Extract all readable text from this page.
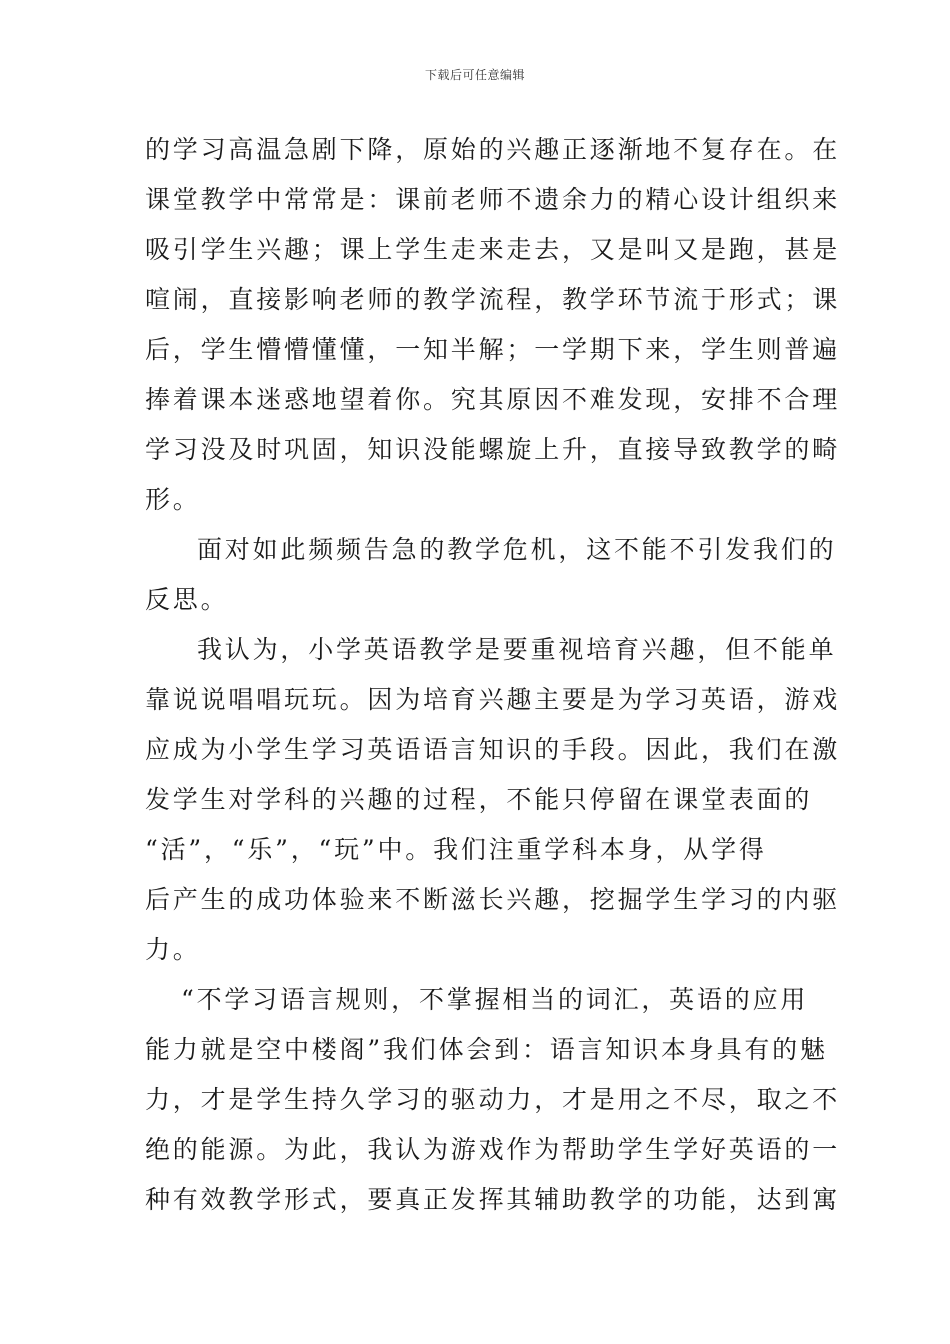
下载后可任意编辑
的学习高温急剧下降，原始的兴趣正逐渐地不复存在。在
课堂教学中常常是：课前老师不遗余力的精心设计组织来
吸引学生兴趣；课上学生走来走去，又是叫又是跑，甚是
喧闹，直接影响老师的教学流程，教学环节流于形式；课
后，学生懵懵懂懂，一知半解；一学期下来，学生则普遍
捧着课本迷惑地望着你。究其原因不难发现，安排不合理
学习没及时巩固，知识没能螺旋上升，直接导致教学的畸
形。
面对如此频频告急的教学危机，这不能不引发我们的
反思。
我认为，小学英语教学是要重视培育兴趣，但不能单
靠说说唱唱玩玩。因为培育兴趣主要是为学习英语，游戏
应成为小学生学习英语语言知识的手段。因此，我们在激
发学生对学科的兴趣的过程，不能只停留在课堂表面的
“活”，“乐”，“玩”中。我们注重学科本身，从学得
后产生的成功体验来不断滋长兴趣，挖掘学生学习的内驱
力。
“不学习语言规则，不掌握相当的词汇，英语的应用
能力就是空中楼阁”我们体会到：语言知识本身具有的魅
力，才是学生持久学习的驱动力，才是用之不尽，取之不
绝的能源。为此，我认为游戏作为帮助学生学好英语的一
种有效教学形式，要真正发挥其辅助教学的功能，达到寓
